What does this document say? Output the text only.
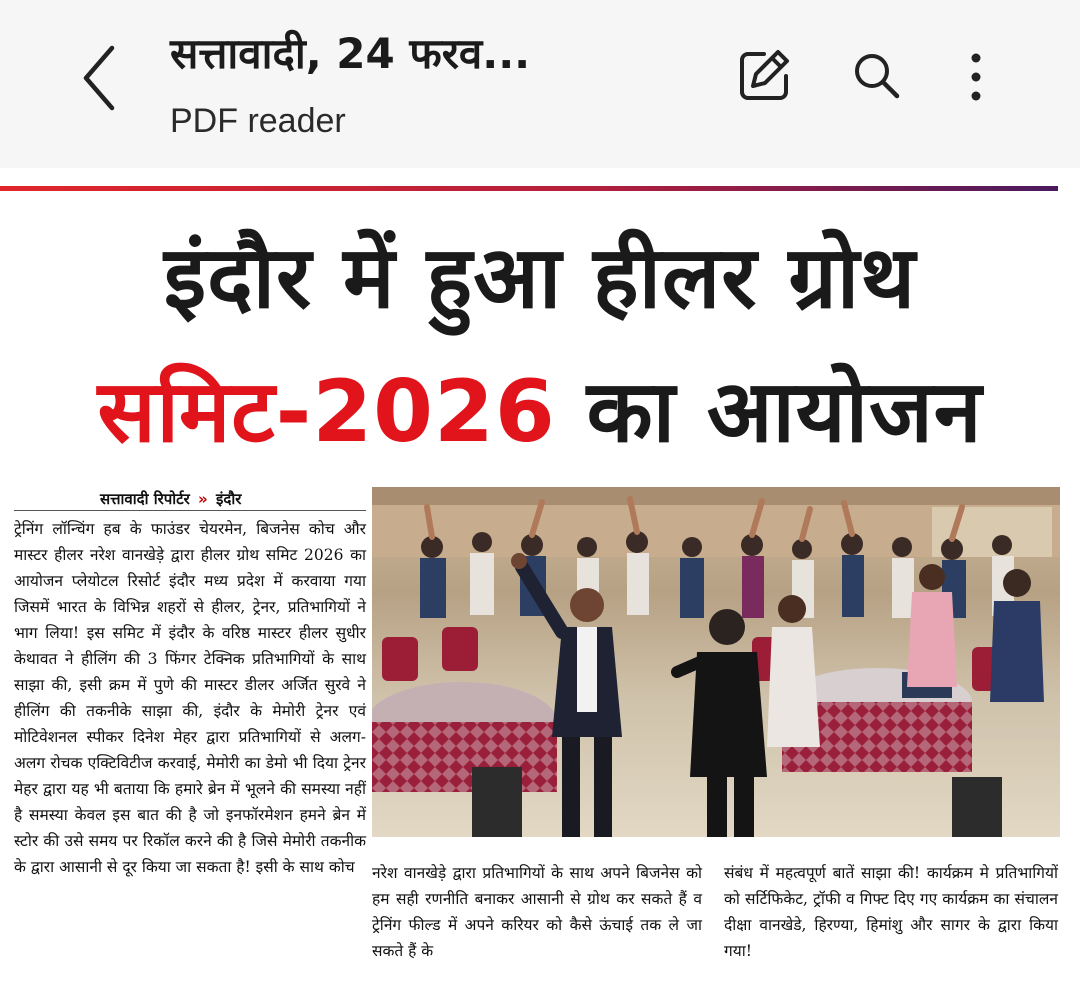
सत्तावादी, 24 फरव...
PDF reader
इंदौर में हुआ हीलर ग्रोथ
समिट-2026 का आयोजन
सत्तावादी रिपोर्टर » इंदौर

ट्रेनिंग लॉन्चिंग हब के फाउंडर चेयरमेन, बिजनेस कोच और मास्टर हीलर नरेश वानखेड़े द्वारा हीलर ग्रोथ समिट 2026 का आयोजन प्लेयोटल रिसोर्ट इंदौर मध्य प्रदेश में करवाया गया जिसमें भारत के विभिन्न शहरों से हीलर, ट्रेनर, प्रतिभागियों ने भाग लिया! इस समिट में इंदौर के वरिष्ठ मास्टर हीलर सुधीर केथावत ने हीलिंग की 3 फिंगर टेक्निक प्रतिभागियों के साथ साझा की, इसी क्रम में पुणे की मास्टर डीलर अर्जित सुरवे ने हीलिंग की तकनीके साझा की, इंदौर के मेमोरी ट्रेनर एवं मोटिवेशनल स्पीकर दिनेश मेहर द्वारा प्रतिभागियों से अलग-अलग रोचक एक्टिविटीज करवाई, मेमोरी का डेमो भी दिया ट्रेनर मेहर द्वारा यह भी बताया कि हमारे ब्रेन में भूलने की समस्या नहीं है समस्या केवल इस बात की है जो इनफॉरमेशन हमने ब्रेन में स्टोर की उसे समय पर रिकॉल करने की है जिसे मेमोरी तकनीक के द्वारा आसानी से दूर किया जा सकता है! इसी के साथ कोच	नरेश वानखेड़े द्वारा प्रतिभागियों के साथ अपने बिजनेस को हम सही रणनीति बनाकर आसानी से ग्रोथ कर सकते हैं व ट्रेनिंग फील्ड में अपने करियर को कैसे ऊंचाई तक ले जा सकते हैं के

संबंध में महत्वपूर्ण बातें साझा की! कार्यक्रम मे प्रतिभागियों को सर्टिफिकेट, ट्रॉफी व गिफ्ट दिए गए कार्यक्रम का संचालन दीक्षा वानखेडे, हिरण्या, हिमांशु और सागर के द्वारा किया गया!
